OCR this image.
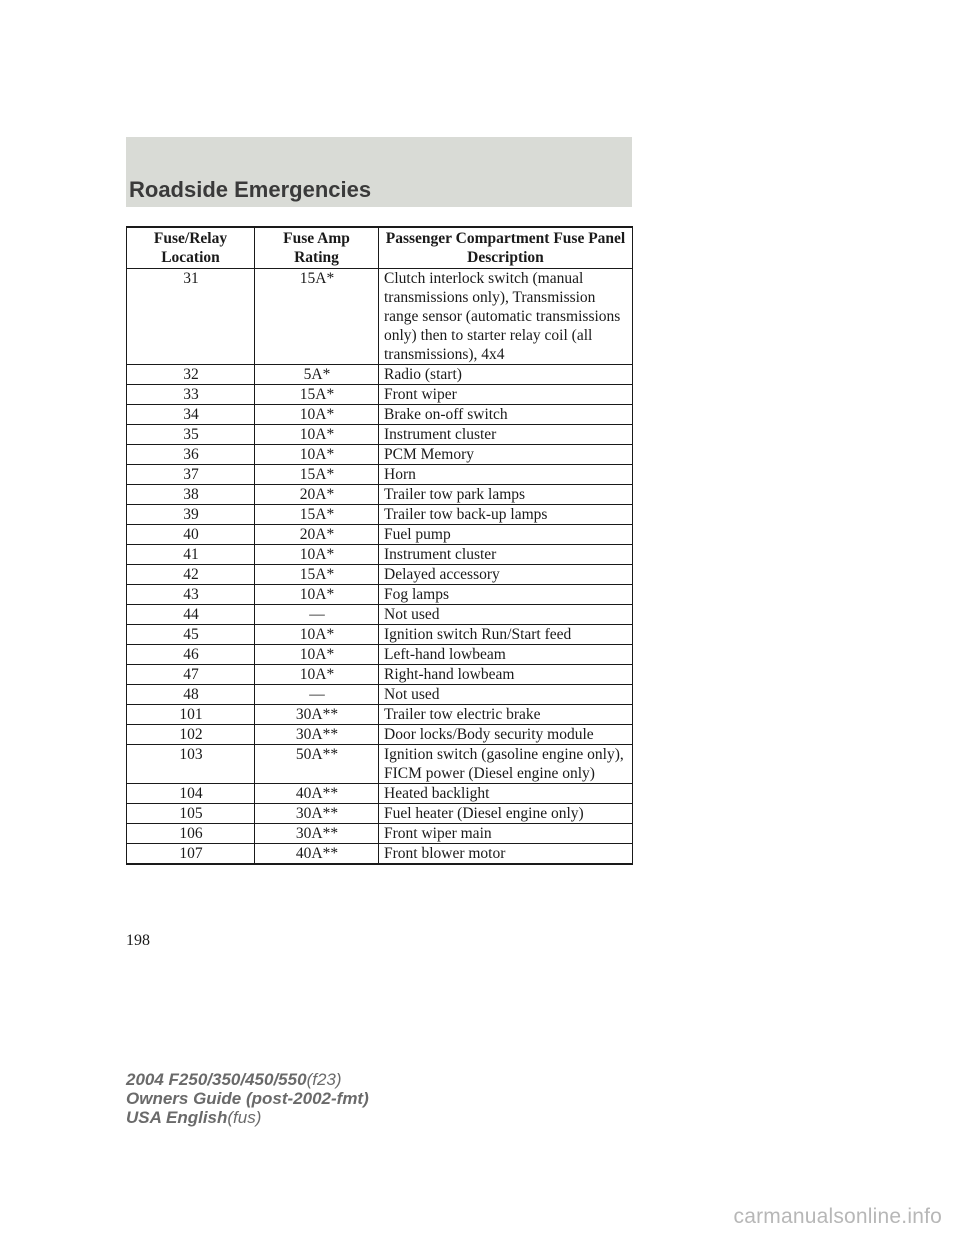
Roadside Emergencies
Fuse/Relay Location	Fuse Amp Rating	Passenger Compartment Fuse Panel Description
31	15A*	Clutch interlock switch (manual transmissions only), Transmission range sensor (automatic transmissions only) then to starter relay coil (all transmissions), 4x4
32	5A*	Radio (start)
33	15A*	Front wiper
34	10A*	Brake on-off switch
35	10A*	Instrument cluster
36	10A*	PCM Memory
37	15A*	Horn
38	20A*	Trailer tow park lamps
39	15A*	Trailer tow back-up lamps
40	20A*	Fuel pump
41	10A*	Instrument cluster
42	15A*	Delayed accessory
43	10A*	Fog lamps
44	—	Not used
45	10A*	Ignition switch Run/Start feed
46	10A*	Left-hand lowbeam
47	10A*	Right-hand lowbeam
48	—	Not used
101	30A**	Trailer tow electric brake
102	30A**	Door locks/Body security module
103	50A**	Ignition switch (gasoline engine only), FICM power (Diesel engine only)
104	40A**	Heated backlight
105	30A**	Fuel heater (Diesel engine only)
106	30A**	Front wiper main
107	40A**	Front blower motor
198
2004 F250/350/450/550(f23)
Owners Guide (post-2002-fmt)
USA English(fus)
carmanualsonline.info
